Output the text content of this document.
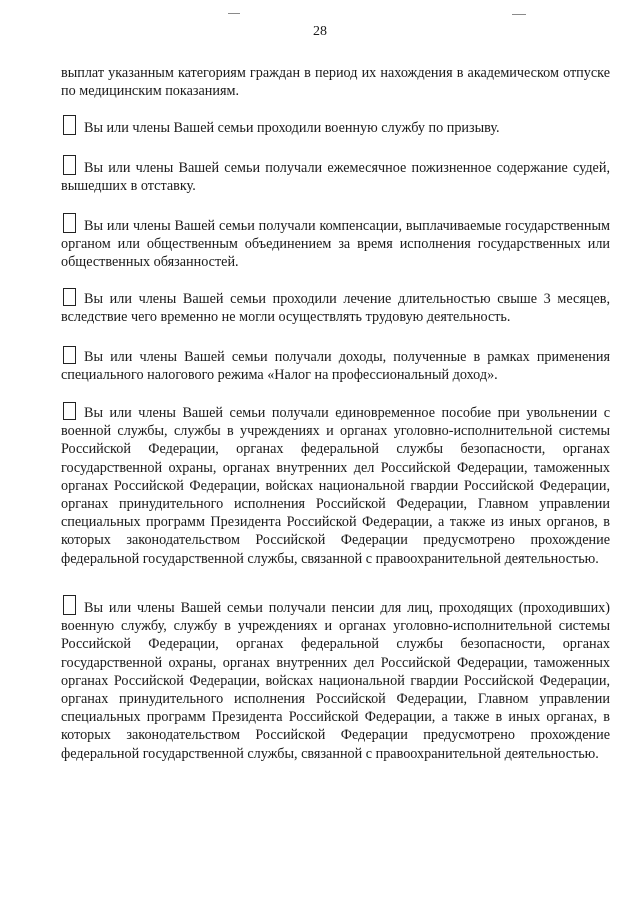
28

выплат указанным категориям граждан в период их нахождения в академическом отпуске по медицинским показаниям.

Вы или члены Вашей семьи проходили военную службу по призыву.
Вы или члены Вашей семьи получали ежемесячное пожизненное содержание судей, вышедших в отставку.
Вы или члены Вашей семьи получали компенсации, выплачиваемые государственным органом или общественным объединением за время исполнения государственных или общественных обязанностей.
Вы или члены Вашей семьи проходили лечение длительностью свыше 3 месяцев, вследствие чего временно не могли осуществлять трудовую деятельность.
Вы или члены Вашей семьи получали доходы, полученные в рамках применения специального налогового режима «Налог на профессиональный доход».
Вы или члены Вашей семьи получали единовременное пособие при увольнении с военной службы, службы в учреждениях и органах уголовно-исполнительной системы Российской Федерации, органах федеральной службы безопасности, органах государственной охраны, органах внутренних дел Российской Федерации, таможенных органах Российской Федерации, войсках национальной гвардии Российской Федерации, органах принудительного исполнения Российской Федерации, Главном управлении специальных программ Президента Российской Федерации, а также из иных органов, в которых законодательством Российской Федерации предусмотрено прохождение федеральной государственной службы, связанной с правоохранительной деятельностью.
Вы или члены Вашей семьи получали пенсии для лиц, проходящих (проходивших) военную службу, службу в учреждениях и органах уголовно-исполнительной системы Российской Федерации, органах федеральной службы безопасности, органах государственной охраны, органах внутренних дел Российской Федерации, таможенных органах Российской Федерации, войсках национальной гвардии Российской Федерации, органах принудительного исполнения Российской Федерации, Главном управлении специальных программ Президента Российской Федерации, а также в иных органах, в которых законодательством Российской Федерации предусмотрено прохождение федеральной государственной службы, связанной с правоохранительной деятельностью.
